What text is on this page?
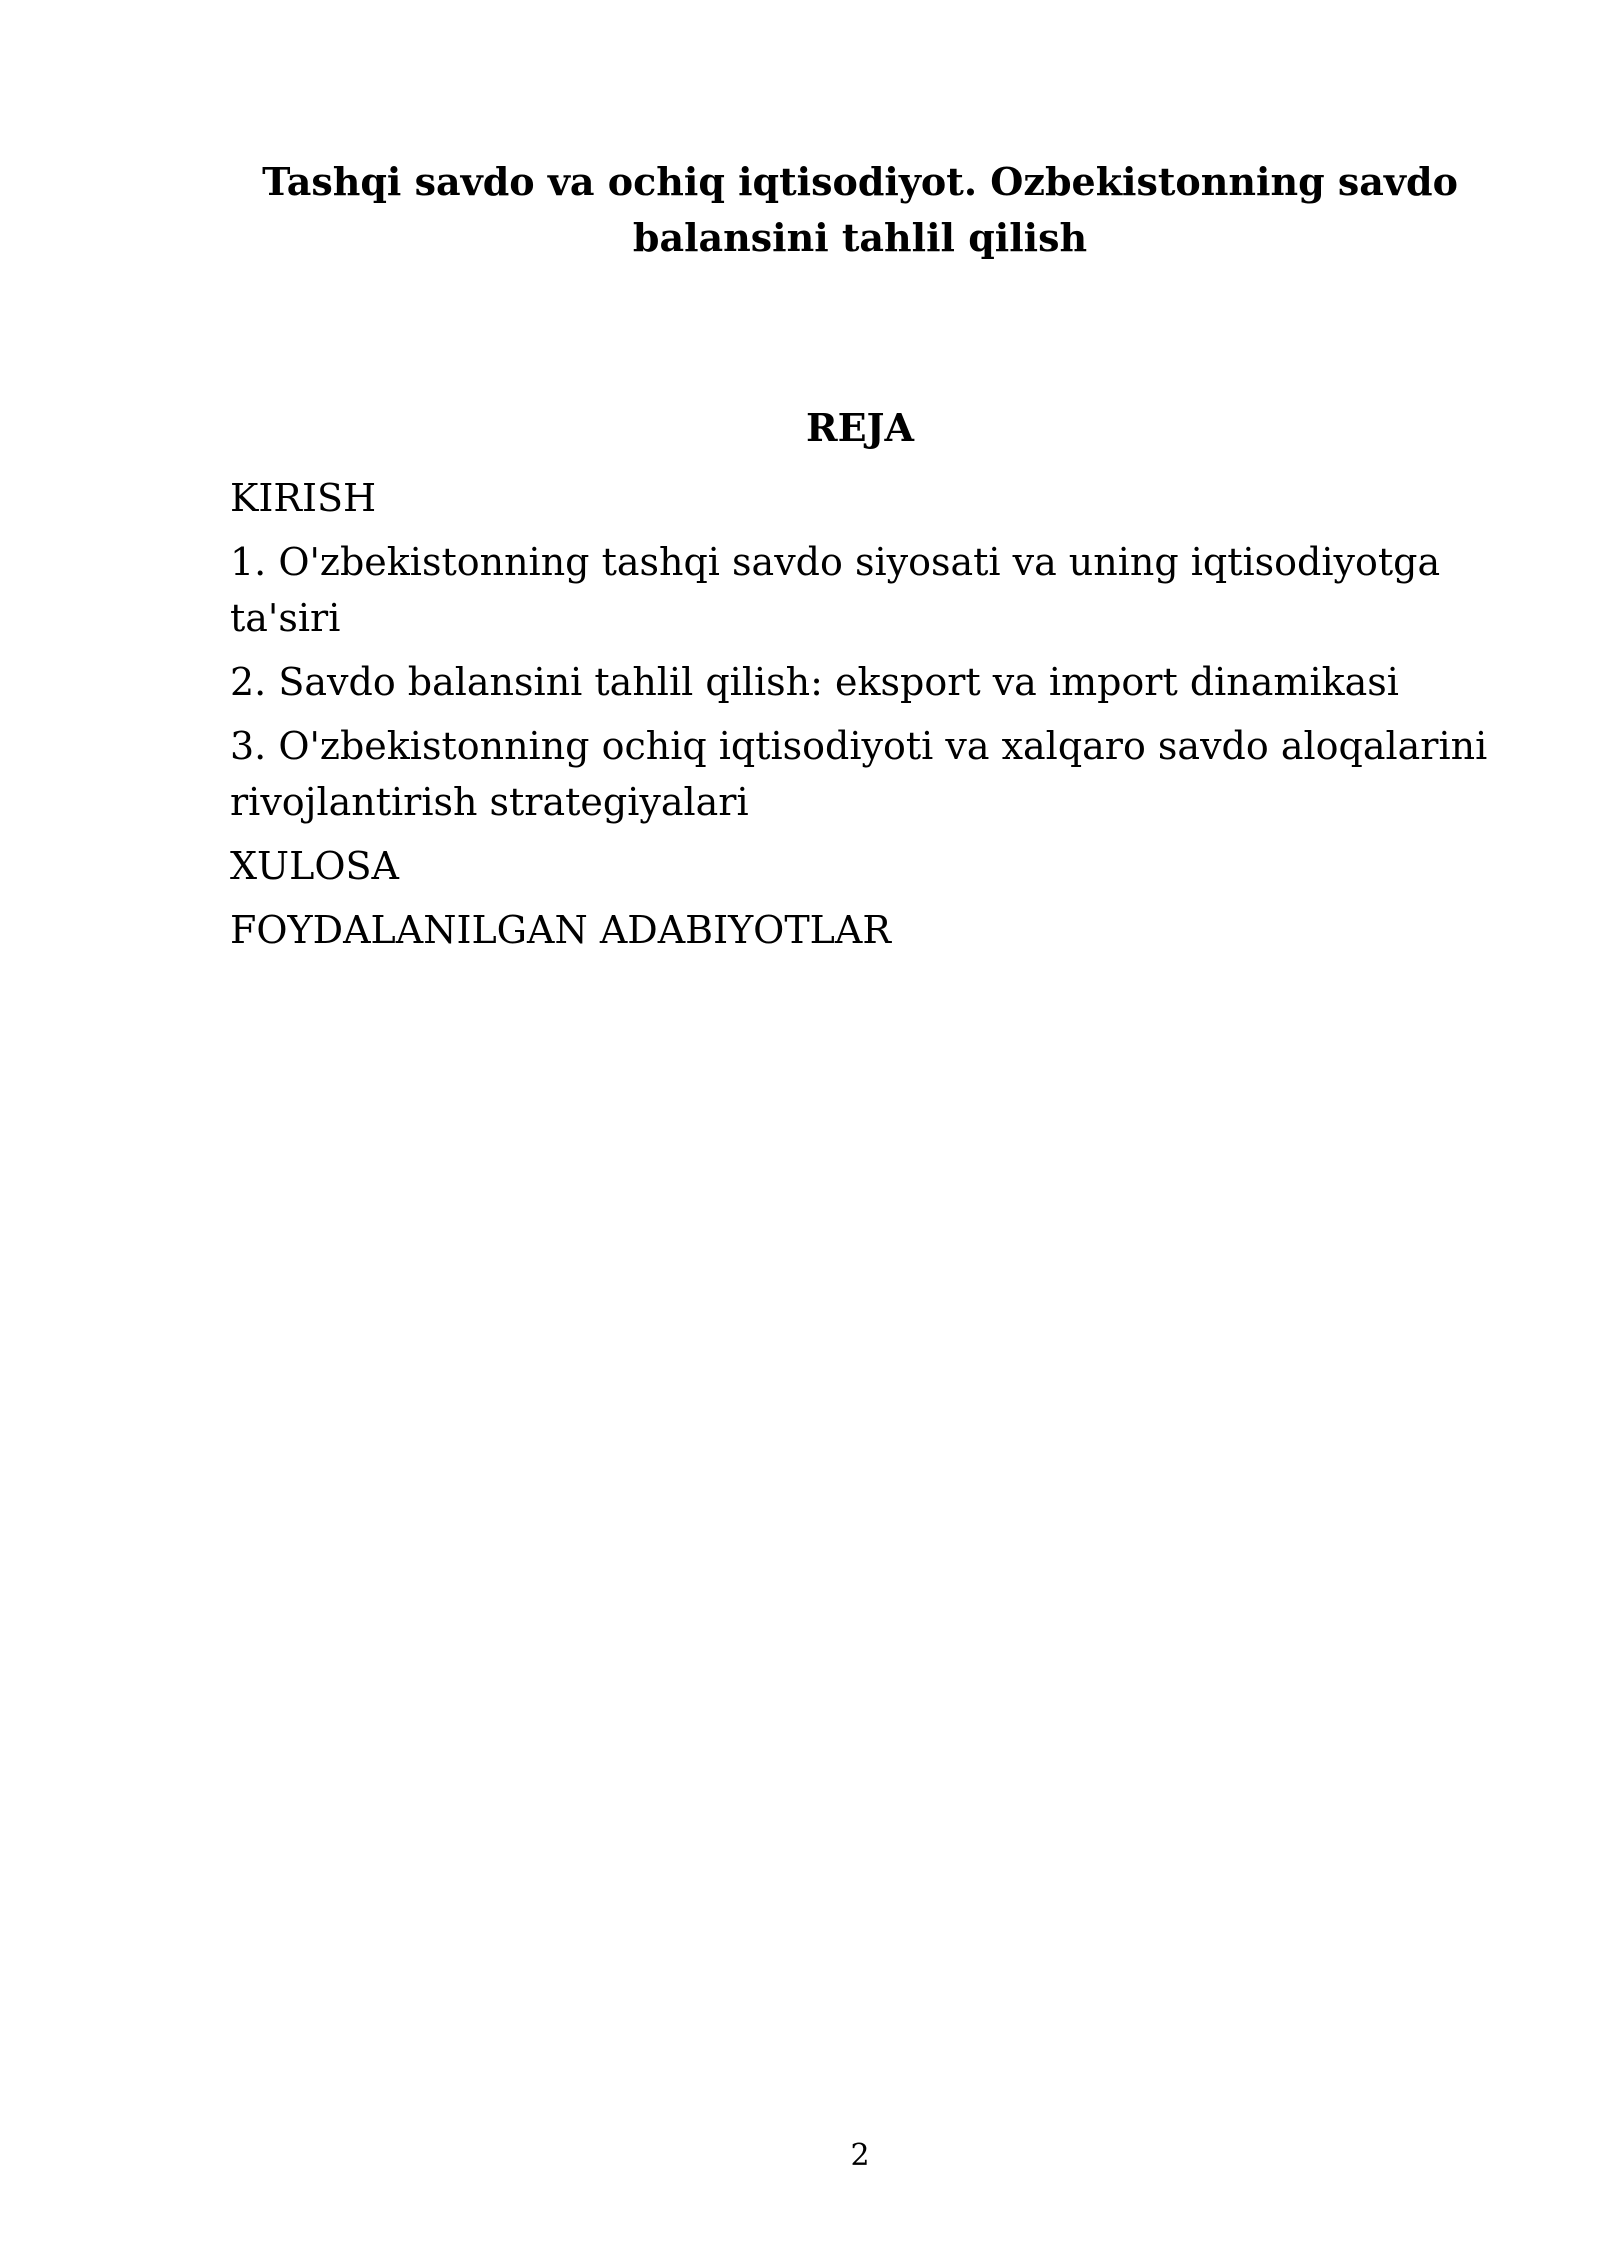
Tashqi savdo va ochiq iqtisodiyot. Ozbekistonning savdo balansini tahlil qilish
REJA
KIRISH
1. O'zbekistonning tashqi savdo siyosati va uning iqtisodiyotga ta'siri
2. Savdo balansini tahlil qilish: eksport va import dinamikasi
3. O'zbekistonning ochiq iqtisodiyoti va xalqaro savdo aloqalarini rivojlantirish strategiyalari
XULOSA
FOYDALANILGAN ADABIYOTLAR
2
